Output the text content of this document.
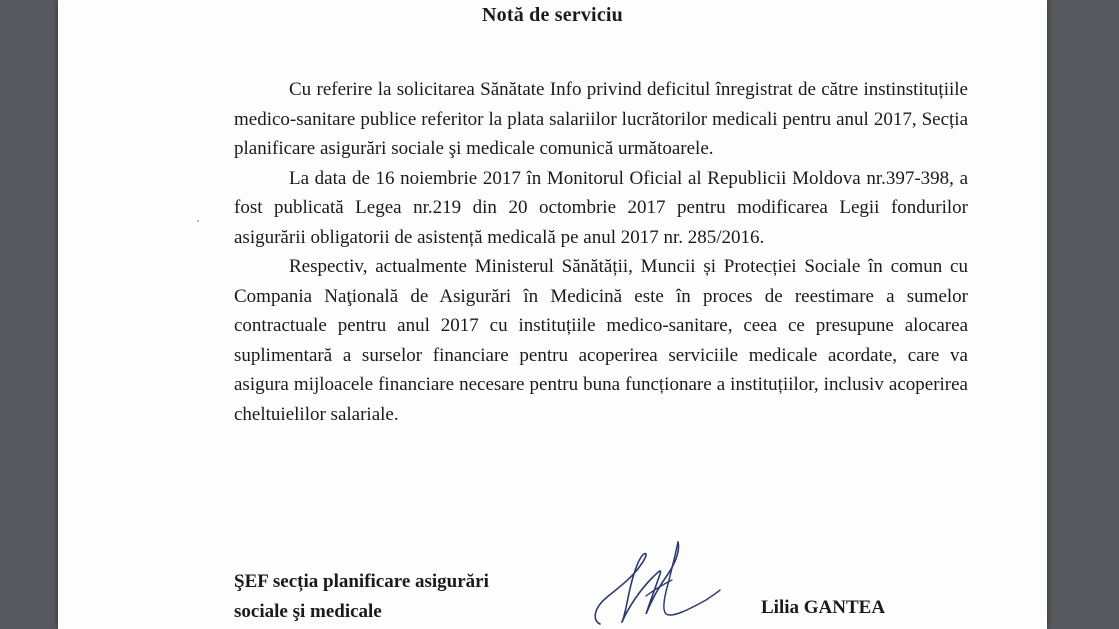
Notă de serviciu

Cu referire la solicitarea Sănătate Info privind deficitul înregistrat de către instinstituțiile medico-sanitare publice referitor la plata salariilor lucrătorilor medicali pentru anul 2017, Secția planificare asigurări sociale şi medicale comunică următoarele.

La data de 16 noiembrie 2017 în Monitorul Oficial al Republicii Moldova nr.397-398, a fost publicată Legea nr.219 din 20 octombrie 2017 pentru modificarea Legii fondurilor asigurării obligatorii de asistență medicală pe anul 2017 nr. 285/2016.

Respectiv, actualmente Ministerul Sănătății, Muncii și Protecției Sociale în comun cu Compania Naţională de Asigurări în Medicină este în proces de reestimare a sumelor contractuale pentru anul 2017 cu instituțiile medico-sanitare, ceea ce presupune alocarea suplimentară a surselor financiare pentru acoperirea serviciile medicale acordate, care va asigura mijloacele financiare necesare pentru buna funcționare a instituțiilor, inclusiv acoperirea cheltuielilor salariale.

ŞEF secția planificare asigurări
sociale şi medicale	Lilia GANTEA
